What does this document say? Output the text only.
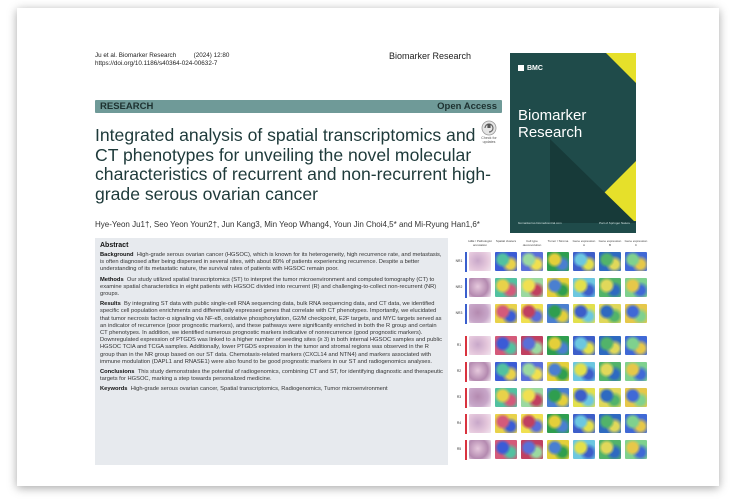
Ju et al. Biomarker Research          (2024) 12:80
https://doi.org/10.1186/s40364-024-00632-7
Biomarker Research
RESEARCH	Open Access
Check for
updates
Integrated analysis of spatial transcriptomics and CT phenotypes for unveiling the novel molecular characteristics of recurrent and non-recurrent high-grade serous ovarian cancer
Hye-Yeon Ju1†, Seo Yeon Youn2†, Jun Kang3, Min Yeop Whang4, Youn Jin Choi4,5* and Mi-Ryung Han1,6*
Abstract

Background High-grade serous ovarian cancer (HGSOC), which is known for its heterogeneity, high recurrence rate, and metastasis, is often diagnosed after being dispersed in several sites, with about 80% of patients experiencing recurrence. Despite a better understanding of its metastatic nature, the survival rates of patients with HGSOC remain poor.

Methods Our study utilized spatial transcriptomics (ST) to interpret the tumor microenvironment and computed tomography (CT) to examine spatial characteristics in eight patients with HGSOC divided into recurrent (R) and challenging-to-collect non-recurrent (NR) groups.

Results By integrating ST data with public single-cell RNA sequencing data, bulk RNA sequencing data, and CT data, we identified specific cell population enrichments and differentially expressed genes that correlate with CT phenotypes. Importantly, we elucidated that tumor necrosis factor-α signaling via NF-κB, oxidative phosphorylation, G2/M checkpoint, E2F targets, and MYC targets served as an indicator of recurrence (poor prognostic markers), and these pathways were significantly enriched in both the R group and certain CT phenotypes. In addition, we identified numerous prognostic markers indicative of nonrecurrence (good prognostic markers). Downregulated expression of PTGDS was linked to a higher number of seeding sites (≥ 3) in both internal HGSOC samples and public HGSOC TCIA and TCGA samples. Additionally, lower PTGDS expression in the tumor and stromal regions was observed in the R group than in the NR group based on our ST data. Chemotaxis-related markers (CXCL14 and NTN4) and markers associated with immune modulation (DAPL1 and RNASE1) were also found to be good prognostic markers in our ST and radiogenomics analyses.

Conclusions This study demonstrates the potential of radiogenomics, combining CT and ST, for identifying diagnostic and therapeutic targets for HGSOC, marking a step towards personalized medicine.

Keywords High-grade serous ovarian cancer, Spatial transcriptomics, Radiogenomics, Tumor microenvironment

BMC
Biomarker
Research
biomarkerres.biomedcentral.com	Part of Springer Nature
H&E / Pathologist annotation
Spatial clusters	Cell type deconvolution
Tumor / Stroma	Gene expression A
Gene expression B
Gene expression C
NR1
NR2
NR3
R1
R2
R3
R4
R5
